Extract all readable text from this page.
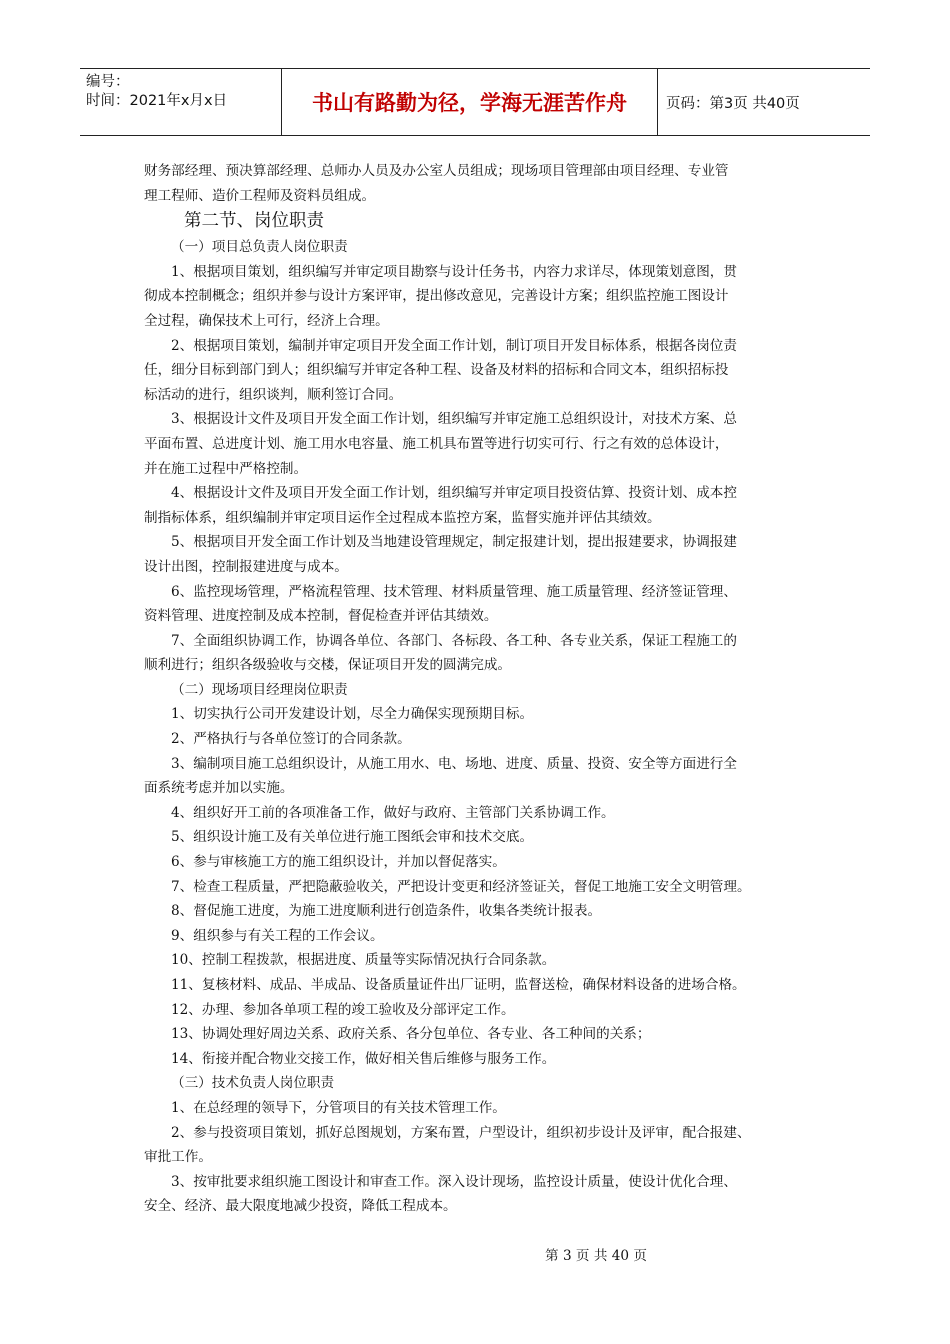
编号：
时间：2021年x月x日	书山有路勤为径，学海无涯苦作舟	页码：第3页 共40页
财务部经理、预决算部经理、总师办人员及办公室人员组成；现场项目管理部由项目经理、专业管
理工程师、造价工程师及资料员组成。
第二节、岗位职责
（一）项目总负责人岗位职责
1、根据项目策划，组织编写并审定项目勘察与设计任务书，内容力求详尽，体现策划意图，贯
彻成本控制概念；组织并参与设计方案评审，提出修改意见，完善设计方案；组织监控施工图设计
全过程，确保技术上可行，经济上合理。
2、根据项目策划，编制并审定项目开发全面工作计划，制订项目开发目标体系，根据各岗位责
任，细分目标到部门到人；组织编写并审定各种工程、设备及材料的招标和合同文本，组织招标投
标活动的进行，组织谈判，顺利签订合同。
3、根据设计文件及项目开发全面工作计划，组织编写并审定施工总组织设计，对技术方案、总
平面布置、总进度计划、施工用水电容量、施工机具布置等进行切实可行、行之有效的总体设计，
并在施工过程中严格控制。
4、根据设计文件及项目开发全面工作计划，组织编写并审定项目投资估算、投资计划、成本控
制指标体系，组织编制并审定项目运作全过程成本监控方案，监督实施并评估其绩效。
5、根据项目开发全面工作计划及当地建设管理规定，制定报建计划，提出报建要求，协调报建
设计出图，控制报建进度与成本。
6、监控现场管理，严格流程管理、技术管理、材料质量管理、施工质量管理、经济签证管理、
资料管理、进度控制及成本控制，督促检查并评估其绩效。
7、全面组织协调工作，协调各单位、各部门、各标段、各工种、各专业关系，保证工程施工的
顺利进行；组织各级验收与交楼，保证项目开发的圆满完成。
（二）现场项目经理岗位职责
1、切实执行公司开发建设计划，尽全力确保实现预期目标。
2、严格执行与各单位签订的合同条款。
3、编制项目施工总组织设计，从施工用水、电、场地、进度、质量、投资、安全等方面进行全
面系统考虑并加以实施。
4、组织好开工前的各项准备工作，做好与政府、主管部门关系协调工作。
5、组织设计施工及有关单位进行施工图纸会审和技术交底。
6、参与审核施工方的施工组织设计，并加以督促落实。
7、检查工程质量，严把隐蔽验收关，严把设计变更和经济签证关，督促工地施工安全文明管理。
8、督促施工进度，为施工进度顺利进行创造条件，收集各类统计报表。
9、组织参与有关工程的工作会议。
10、控制工程拨款，根据进度、质量等实际情况执行合同条款。
11、复核材料、成品、半成品、设备质量证件出厂证明，监督送检，确保材料设备的进场合格。
12、办理、参加各单项工程的竣工验收及分部评定工作。
13、协调处理好周边关系、政府关系、各分包单位、各专业、各工种间的关系；
14、衔接并配合物业交接工作，做好相关售后维修与服务工作。
（三）技术负责人岗位职责
1、在总经理的领导下，分管项目的有关技术管理工作。
2、参与投资项目策划，抓好总图规划，方案布置，户型设计，组织初步设计及评审，配合报建、
审批工作。
3、按审批要求组织施工图设计和审查工作。深入设计现场，监控设计质量，使设计优化合理、
安全、经济、最大限度地减少投资，降低工程成本。
第 3 页 共 40 页
